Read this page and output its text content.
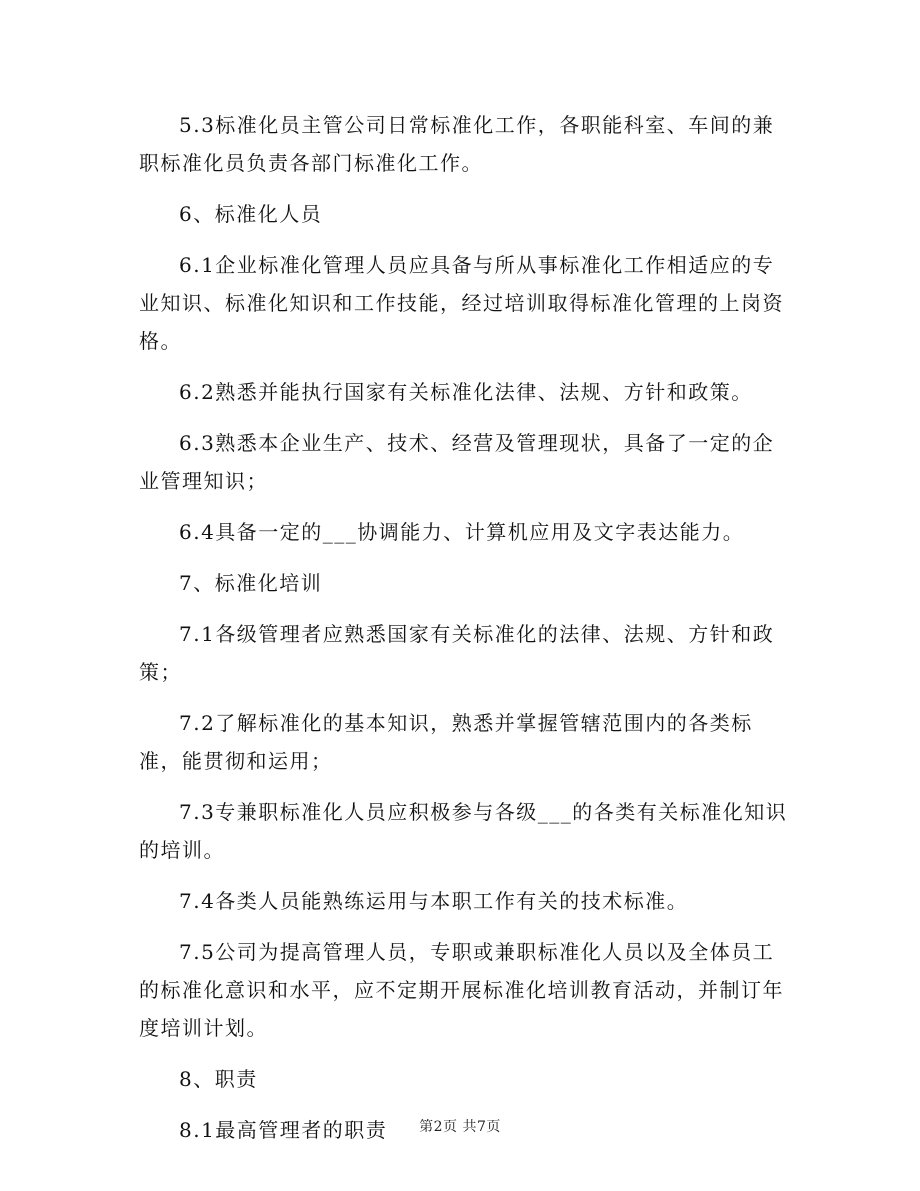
5.3标准化员主管公司日常标准化工作，各职能科室、车间的兼职标准化员负责各部门标准化工作。

6、标准化人员

6.1企业标准化管理人员应具备与所从事标准化工作相适应的专业知识、标准化知识和工作技能，经过培训取得标准化管理的上岗资格。

6.2熟悉并能执行国家有关标准化法律、法规、方针和政策。

6.3熟悉本企业生产、技术、经营及管理现状，具备了一定的企业管理知识；

6.4具备一定的___协调能力、计算机应用及文字表达能力。

7、标准化培训

7.1各级管理者应熟悉国家有关标准化的法律、法规、方针和政策；

7.2了解标准化的基本知识，熟悉并掌握管辖范围内的各类标准，能贯彻和运用；

7.3专兼职标准化人员应积极参与各级___的各类有关标准化知识的培训。

7.4各类人员能熟练运用与本职工作有关的技术标准。

7.5公司为提高管理人员，专职或兼职标准化人员以及全体员工的标准化意识和水平，应不定期开展标准化培训教育活动，并制订年度培训计划。

8、职责

8.1最高管理者的职责	第2页 共7页
